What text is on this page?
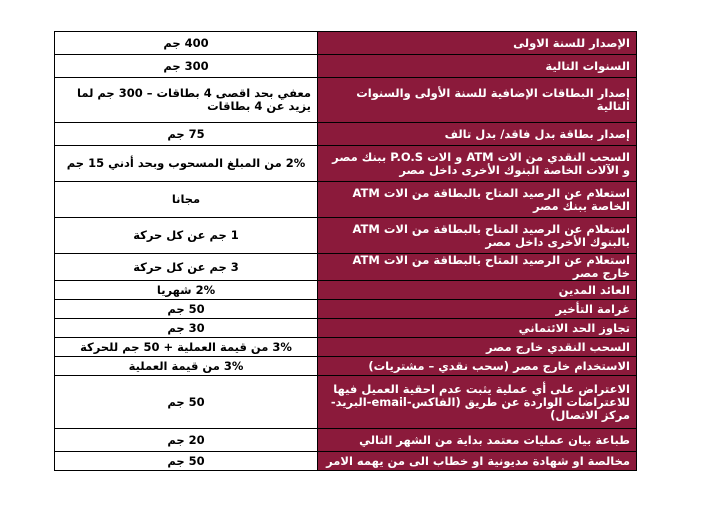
400 جم	الإصدار للسنة الاولى
300 جم	السنوات التالية
معفي بحد اقصى 4 بطاقات – 300 جم لما يزيد عن 4 بطاقات	إصدار البطاقات الإضافية للسنة الأولى والسنوات التالية
75 جم	إصدار بطاقة بدل فاقد/ بدل تالف
2% من المبلغ المسحوب وبحد أدني 15 جم	السحب النقدي من الات ATM و الات P.O.S ببنك مصر و الآلات الخاصة البنوك الأخرى داخل مصر
مجانا	استعلام عن الرصيد المتاح بالبطاقة من الات ATM الخاصة ببنك مصر
1 جم عن كل حركة	استعلام عن الرصيد المتاح بالبطاقة من الات ATM بالبنوك الأخرى داخل مصر
3 جم عن كل حركة	استعلام عن الرصيد المتاح بالبطاقة من الات ATM خارج مصر
2% شهريا	العائد المدين
50 جم	غرامة التأخير
30 جم	تجاوز الحد الائتماني
3% من قيمة العملية + 50 جم للحركة	السحب النقدي خارج مصر
3% من قيمة العملية	الاستخدام خارج مصر (سحب نقدي – مشتريات)
50 جم	الاعتراض على أي عملية يثبت عدم احقية العميل فيها للاعتراضات الواردة عن طريق (الفاكس-email-البريد-مركز الاتصال)
20 جم	طباعة بيان عمليات معتمد بداية من الشهر التالي
50 جم	مخالصة او شهادة مديونية او خطاب الى من يهمه الامر
